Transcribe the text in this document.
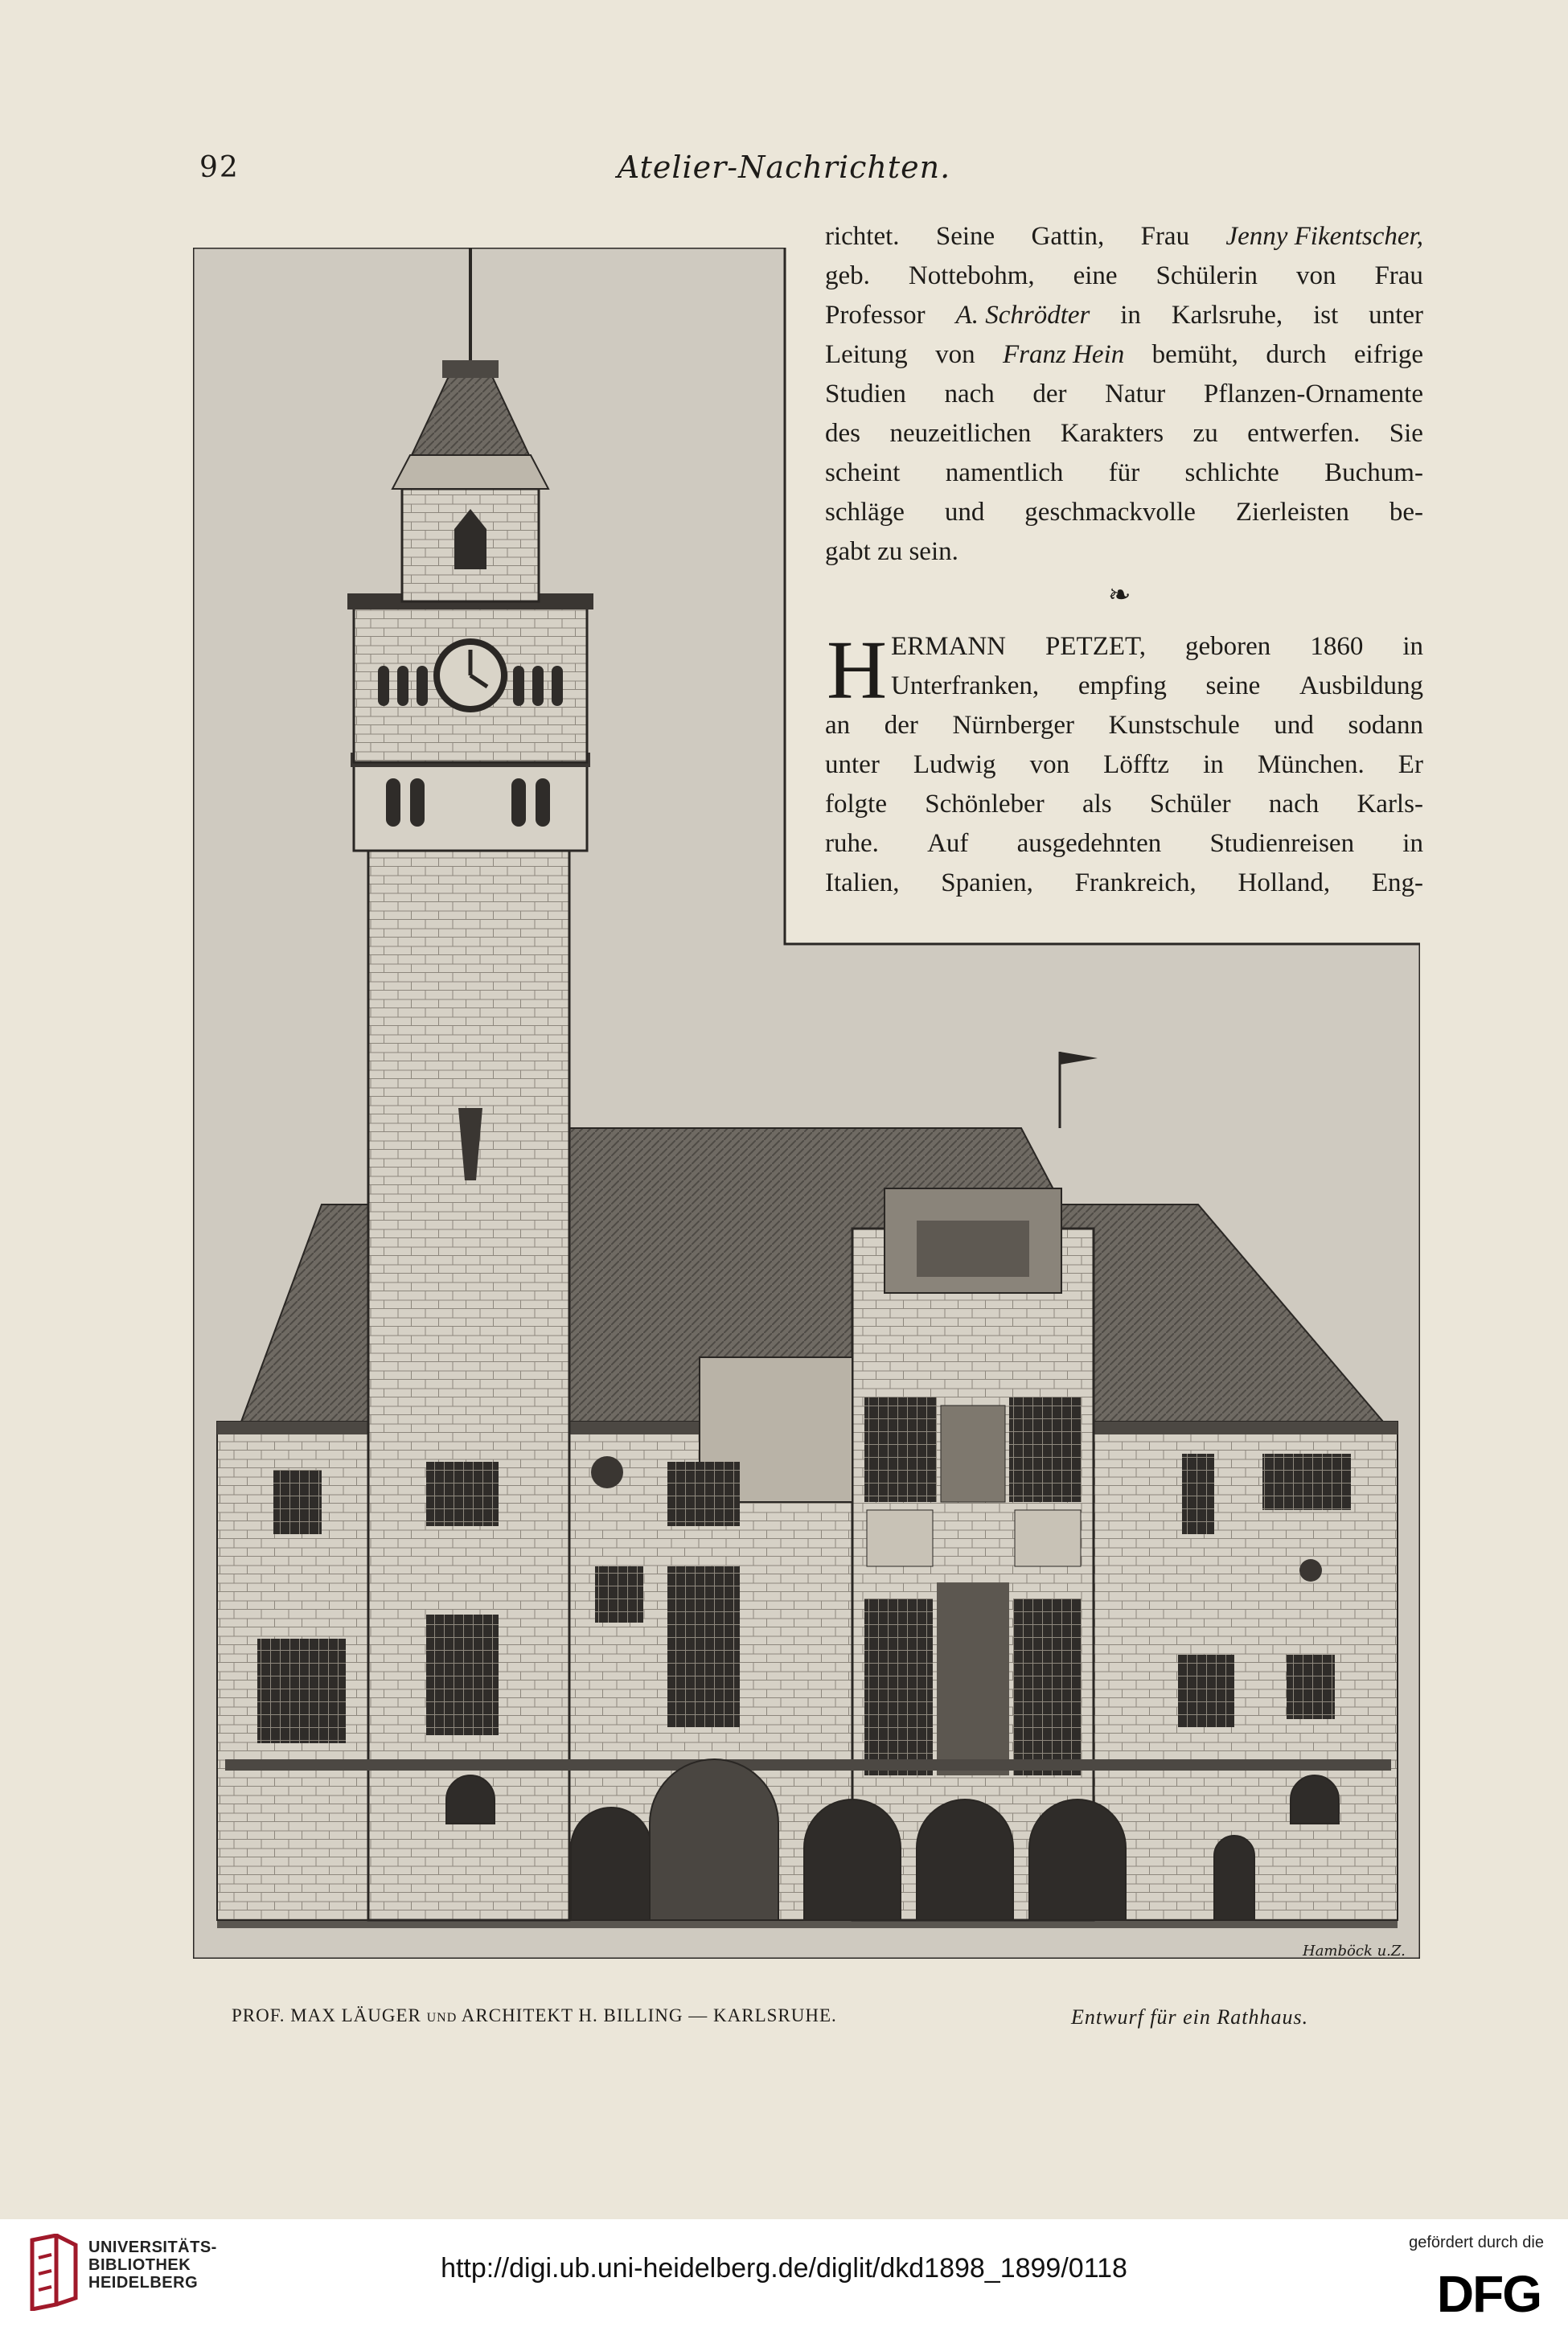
92	Atelier-Nachrichten.
richtet. Seine Gattin, Frau Jenny Fikentscher,
geb. Nottebohm, eine Schülerin von Frau
Professor A. Schrödter in Karlsruhe, ist unter
Leitung von Franz Hein bemüht, durch eifrige
Studien nach der Natur Pflanzen-Ornamente
des neuzeitlichen Karakters zu entwerfen. Sie
scheint namentlich für schlichte Buchum-
schläge und geschmackvolle Zierleisten be-
gabt zu sein.
❧
H ERMANN PETZET, geboren 1860 in
Unterfranken, empfing seine Ausbildung
an der Nürnberger Kunstschule und sodann
unter Ludwig von Löfftz in München. Er
folgte Schönleber als Schüler nach Karls-
ruhe. Auf ausgedehnten Studienreisen in
Italien, Spanien, Frankreich, Holland, Eng-
Hamböck u.Z.
PROF. MAX LÄUGER und ARCHITEKT H. BILLING — KARLSRUHE.	Entwurf für ein Rathhaus.
UNIVERSITÄTS-
BIBLIOTHEK
HEIDELBERG	http://digi.ub.uni-heidelberg.de/diglit/dkd1898_1899/0118
gefördert durch die
DFG
